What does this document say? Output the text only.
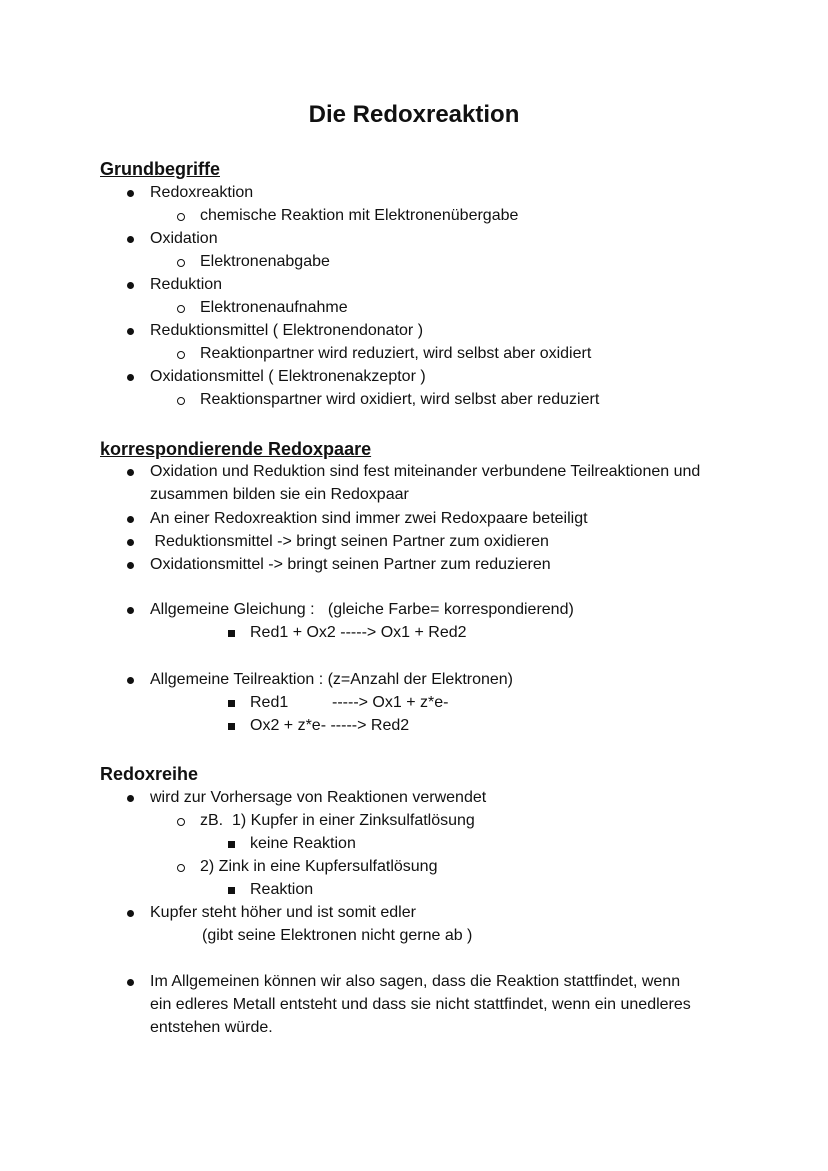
Die Redoxreaktion
Grundbegriffe
korrespondierende Redoxpaare
Redoxreihe
Redoxreaktion
chemische Reaktion mit Elektronenübergabe
Oxidation
Elektronenabgabe
Reduktion
Elektronenaufnahme
Reduktionsmittel ( Elektronendonator )
Reaktionpartner wird reduziert, wird selbst aber oxidiert
Oxidationsmittel ( Elektronenakzeptor )
Reaktionspartner wird oxidiert, wird selbst aber reduziert
Oxidation und Reduktion sind fest miteinander verbundene Teilreaktionen und
zusammen bilden sie ein Redoxpaar
An einer Redoxreaktion sind immer zwei Redoxpaare beteiligt
Reduktionsmittel -> bringt seinen Partner zum oxidieren
Oxidationsmittel -> bringt seinen Partner zum reduzieren
Allgemeine Gleichung :   (gleiche Farbe= korrespondierend)
Red1 + Ox2 -----> Ox1 + Red2
Allgemeine Teilreaktion : (z=Anzahl der Elektronen)
Red1	-----> Ox1 + z*e-
Ox2 + z*e- -----> Red2
wird zur Vorhersage von Reaktionen verwendet
zB.  1) Kupfer in einer Zinksulfatlösung
keine Reaktion
2) Zink in eine Kupfersulfatlösung
Reaktion
Kupfer steht höher und ist somit edler
(gibt seine Elektronen nicht gerne ab )
Im Allgemeinen können wir also sagen, dass die Reaktion stattfindet, wenn
ein edleres Metall entsteht und dass sie nicht stattfindet, wenn ein unedleres
entstehen würde.
